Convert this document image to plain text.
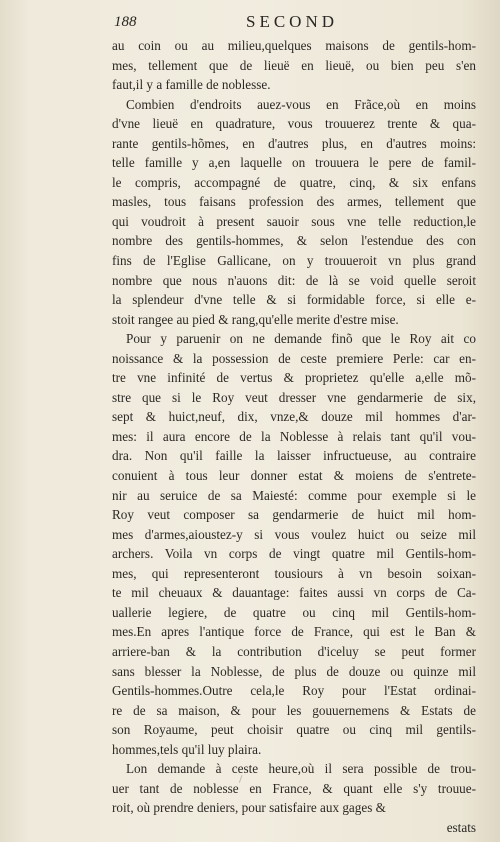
188	SECOND
au coin ou au milieu,quelques maisons de gentils-hom-
mes, tellement que de lieuë en lieuë, ou bien peu s'en
faut,il y a famille de noblesse.
Combien d'endroits auez-vous en Frãce,où en moins
d'vne lieuë en quadrature, vous trouuerez trente & qua-
rante gentils-hõmes, en d'autres plus, en d'autres moins:
telle famille y a,en laquelle on trouuera le pere de famil-
le compris, accompagné de quatre, cinq, & six enfans
masles, tous faisans profession des armes, tellement que
qui voudroit à present sauoir sous vne telle reduction,le
nombre des gentils-hommes, & selon l'estendue des con
fins de l'Eglise Gallicane, on y trouueroit vn plus grand
nombre que nous n'auons dit: de là se void quelle seroit
la splendeur d'vne telle & si formidable force, si elle e-
stoit rangee au pied & rang,qu'elle merite d'estre mise.
Pour y paruenir on ne demande finõ que le Roy ait co
noissance & la possession de ceste premiere Perle: car en-
tre vne infinité de vertus & proprietez qu'elle a,elle mõ-
stre que si le Roy veut dresser vne gendarmerie de six,
sept & huict,neuf, dix, vnze,& douze mil hommes d'ar-
mes: il aura encore de la Noblesse à relais tant qu'il vou-
dra. Non qu'il faille la laisser infructueuse, au contraire
conuient à tous leur donner estat & moiens de s'entrete-
nir au seruice de sa Maiesté: comme pour exemple si le
Roy veut composer sa gendarmerie de huict mil hom-
mes d'armes,aioustez-y si vous voulez huict ou seize mil
archers. Voila vn corps de vingt quatre mil Gentils-hom-
mes, qui representeront tousiours à vn besoin soixan-
te mil cheuaux & dauantage: faites aussi vn corps de Ca-
uallerie legiere, de quatre ou cinq mil Gentils-hom-
mes.En apres l'antique force de France, qui est le Ban &
arriere-ban & la contribution d'iceluy se peut former
sans blesser la Noblesse, de plus de douze ou quinze mil
Gentils-hommes.Outre cela,le Roy pour l'Estat ordinai-
re de sa maison, & pour les gouuernemens & Estats de
son Royaume, peut choisir quatre ou cinq mil gentils-
hommes,tels qu'il luy plaira.
Lon demande à ceste heure,où il sera possible de trou-
uer tant de noblesse en France, & quant elle s'y trouue-
roit, où prendre deniers, pour satisfaire aux gages &
estats
